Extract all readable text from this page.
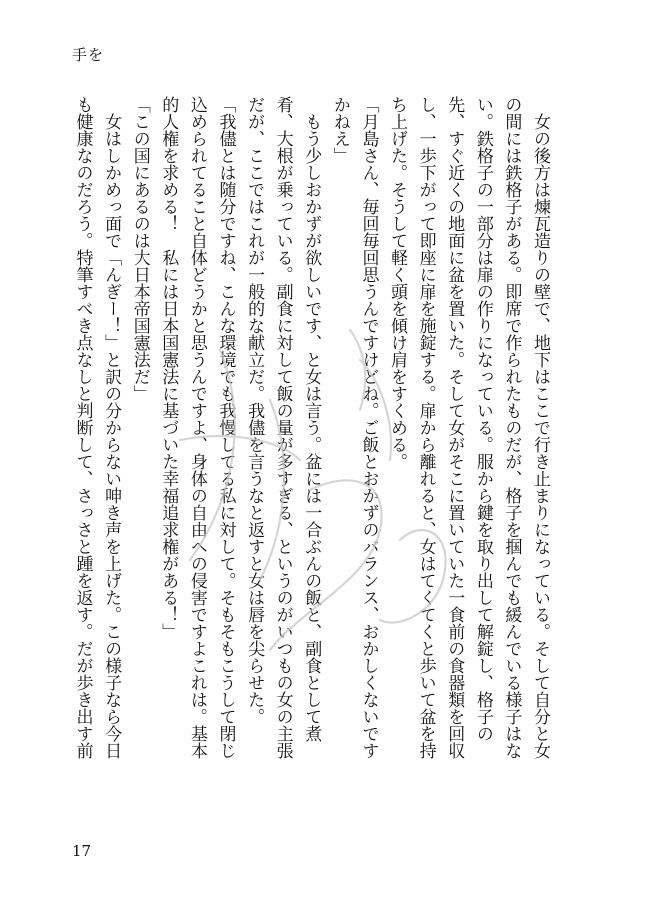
手を

　女の後方は煉瓦造りの壁で、地下はここで行き止まりになっている。そして自分と女の間には鉄格子がある。即席で作られたものだが、格子を掴んでも緩んでいる様子はない。鉄格子の一部分は扉の作りになっている。服から鍵を取り出して解錠し、格子の先、すぐ近くの地面に盆を置いた。そして女がそこに置いていた一食前の食器類を回収し、一歩下がって即座に扉を施錠する。扉から離れると、女はてくてくと歩いて盆を持ち上げた。そうして軽く頭を傾け肩をすくめる。

「月島さん、毎回毎回思うんですけどね。ご飯とおかずのバランス、おかしくないですかねえ」

　もう少しおかずが欲しいです、と女は言う。盆には一合ぶんの飯と、副食として煮肴、大根が乗っている。副食に対して飯の量が多すぎる、というのがいつもの女の主張だが、ここではこれが一般的な献立だ。我儘を言うなと返すと女は唇を尖らせた。

「我儘とは随分ですね、こんな環境でも我慢してる私に対して。そもそもこうして閉じ込められてること自体どうかと思うんですよ、身体の自由への侵害ですよこれは。基本的人権を求める！　私には日本国憲法に基づいた幸福追求権がある！」

「この国にあるのは大日本帝国憲法だ」

　女はしかめっ面で「んぎー！」と訳の分からない呻き声を上げた。この様子なら今日も健康なのだろう。特筆すべき点なしと判断して、さっさと踵を返す。だが歩き出す前

17
